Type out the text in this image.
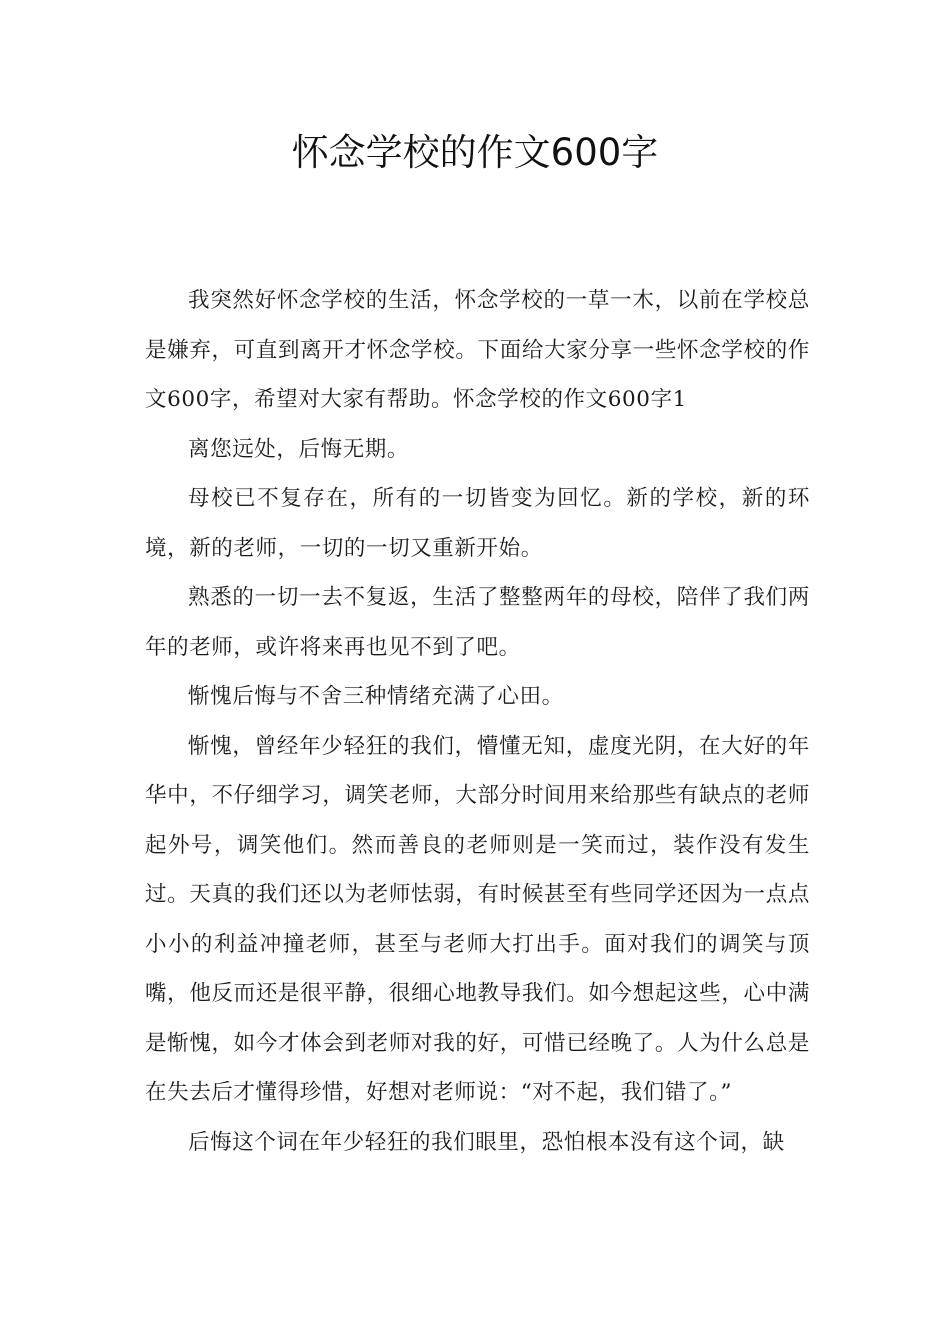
怀念学校的作文600字

我突然好怀念学校的生活，怀念学校的一草一木，以前在学校总是嫌弃，可直到离开才怀念学校。下面给大家分享一些怀念学校的作文600字，希望对大家有帮助。怀念学校的作文600字1

离您远处，后悔无期。

母校已不复存在，所有的一切皆变为回忆。新的学校，新的环境，新的老师，一切的一切又重新开始。

熟悉的一切一去不复返，生活了整整两年的母校，陪伴了我们两年的老师，或许将来再也见不到了吧。

惭愧后悔与不舍三种情绪充满了心田。

惭愧，曾经年少轻狂的我们，懵懂无知，虚度光阴，在大好的年华中，不仔细学习，调笑老师，大部分时间用来给那些有缺点的老师起外号，调笑他们。然而善良的老师则是一笑而过，装作没有发生过。天真的我们还以为老师怯弱，有时候甚至有些同学还因为一点点小小的利益冲撞老师，甚至与老师大打出手。面对我们的调笑与顶嘴，他反而还是很平静，很细心地教导我们。如今想起这些，心中满是惭愧，如今才体会到老师对我的好，可惜已经晚了。人为什么总是在失去后才懂得珍惜，好想对老师说：“对不起，我们错了。”

后悔这个词在年少轻狂的我们眼里，恐怕根本没有这个词，缺
